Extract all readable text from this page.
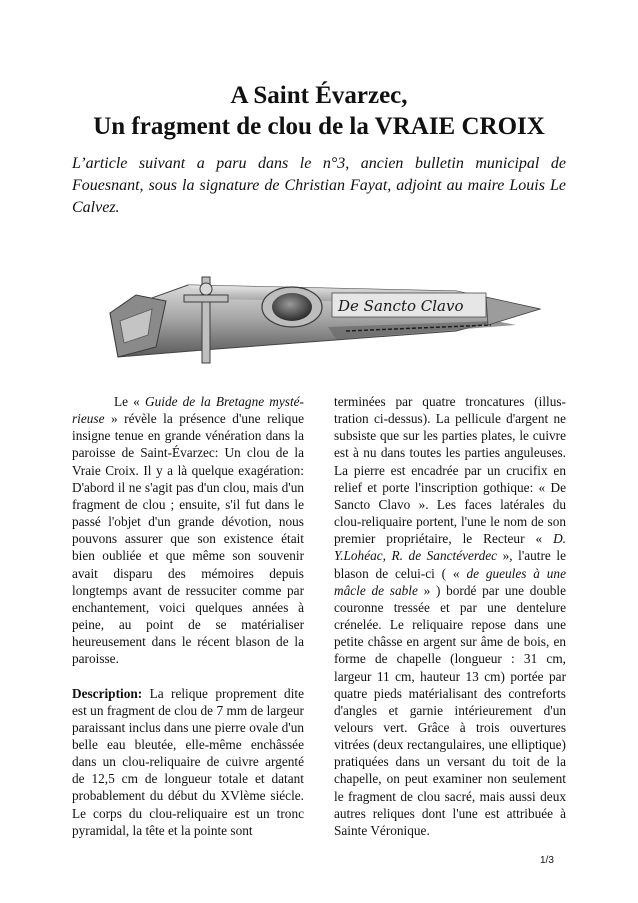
A Saint Évarzec,
Un fragment de clou de la VRAIE CROIX

L’article suivant a paru dans le n°3, ancien bulletin municipal de Fouesnant, sous la signature de Christian Fayat, adjoint au maire Louis Le Calvez.

De Sancto Clavo

Le « Guide de la Bretagne mysté-rieuse » révèle la présence d'une relique insigne tenue en grande vénération dans la paroisse de Saint-Évarzec: Un clou de la Vraie Croix. Il y a là quelque exagération: D'abord il ne s'agit pas d'un clou, mais d'un fragment de clou ; ensuite, s'il fut dans le passé l'objet d'un grande dévotion, nous pouvons assurer que son existence était bien oubliée et que même son souvenir avait disparu des mémoires depuis longtemps avant de ressuciter comme par enchantement, voici quelques années à peine, au point de se matérialiser heureusement dans le récent blason de la paroisse.

Description: La relique proprement dite est un fragment de clou de 7 mm de largeur paraissant inclus dans une pierre ovale d'un belle eau bleutée, elle-même enchâssée dans un clou-reliquaire de cuivre argenté de 12,5 cm de longueur totale et datant probablement du début du XVlème siécle. Le corps du clou-reliquaire est un tronc pyramidal, la tête et la pointe sont

terminées par quatre troncatures (illus-tration ci-dessus). La pellicule d'argent ne subsiste que sur les parties plates, le cuivre est à nu dans toutes les parties anguleuses. La pierre est encadrée par un crucifix en relief et porte l'inscription gothique: « De Sancto Clavo ». Les faces latérales du clou-reliquaire portent, l'une le nom de son premier propriétaire, le Recteur « D. Y.Lohéac, R. de Sanctéverdec », l'autre le blason de celui-ci ( « de gueules à une mâcle de sable » ) bordé par une double couronne tressée et par une dentelure crénelée. Le reliquaire repose dans une petite châsse en argent sur âme de bois, en forme de chapelle (longueur : 31 cm, largeur 11 cm, hauteur 13 cm) portée par quatre pieds matérialisant des contreforts d'angles et garnie intérieurement d'un velours vert. Grâce à trois ouvertures vitrées (deux rectangulaires, une elliptique) pratiquées dans un versant du toit de la chapelle, on peut examiner non seulement le fragment de clou sacré, mais aussi deux autres reliques dont l'une est attribuée à Sainte Véronique.

1/3
